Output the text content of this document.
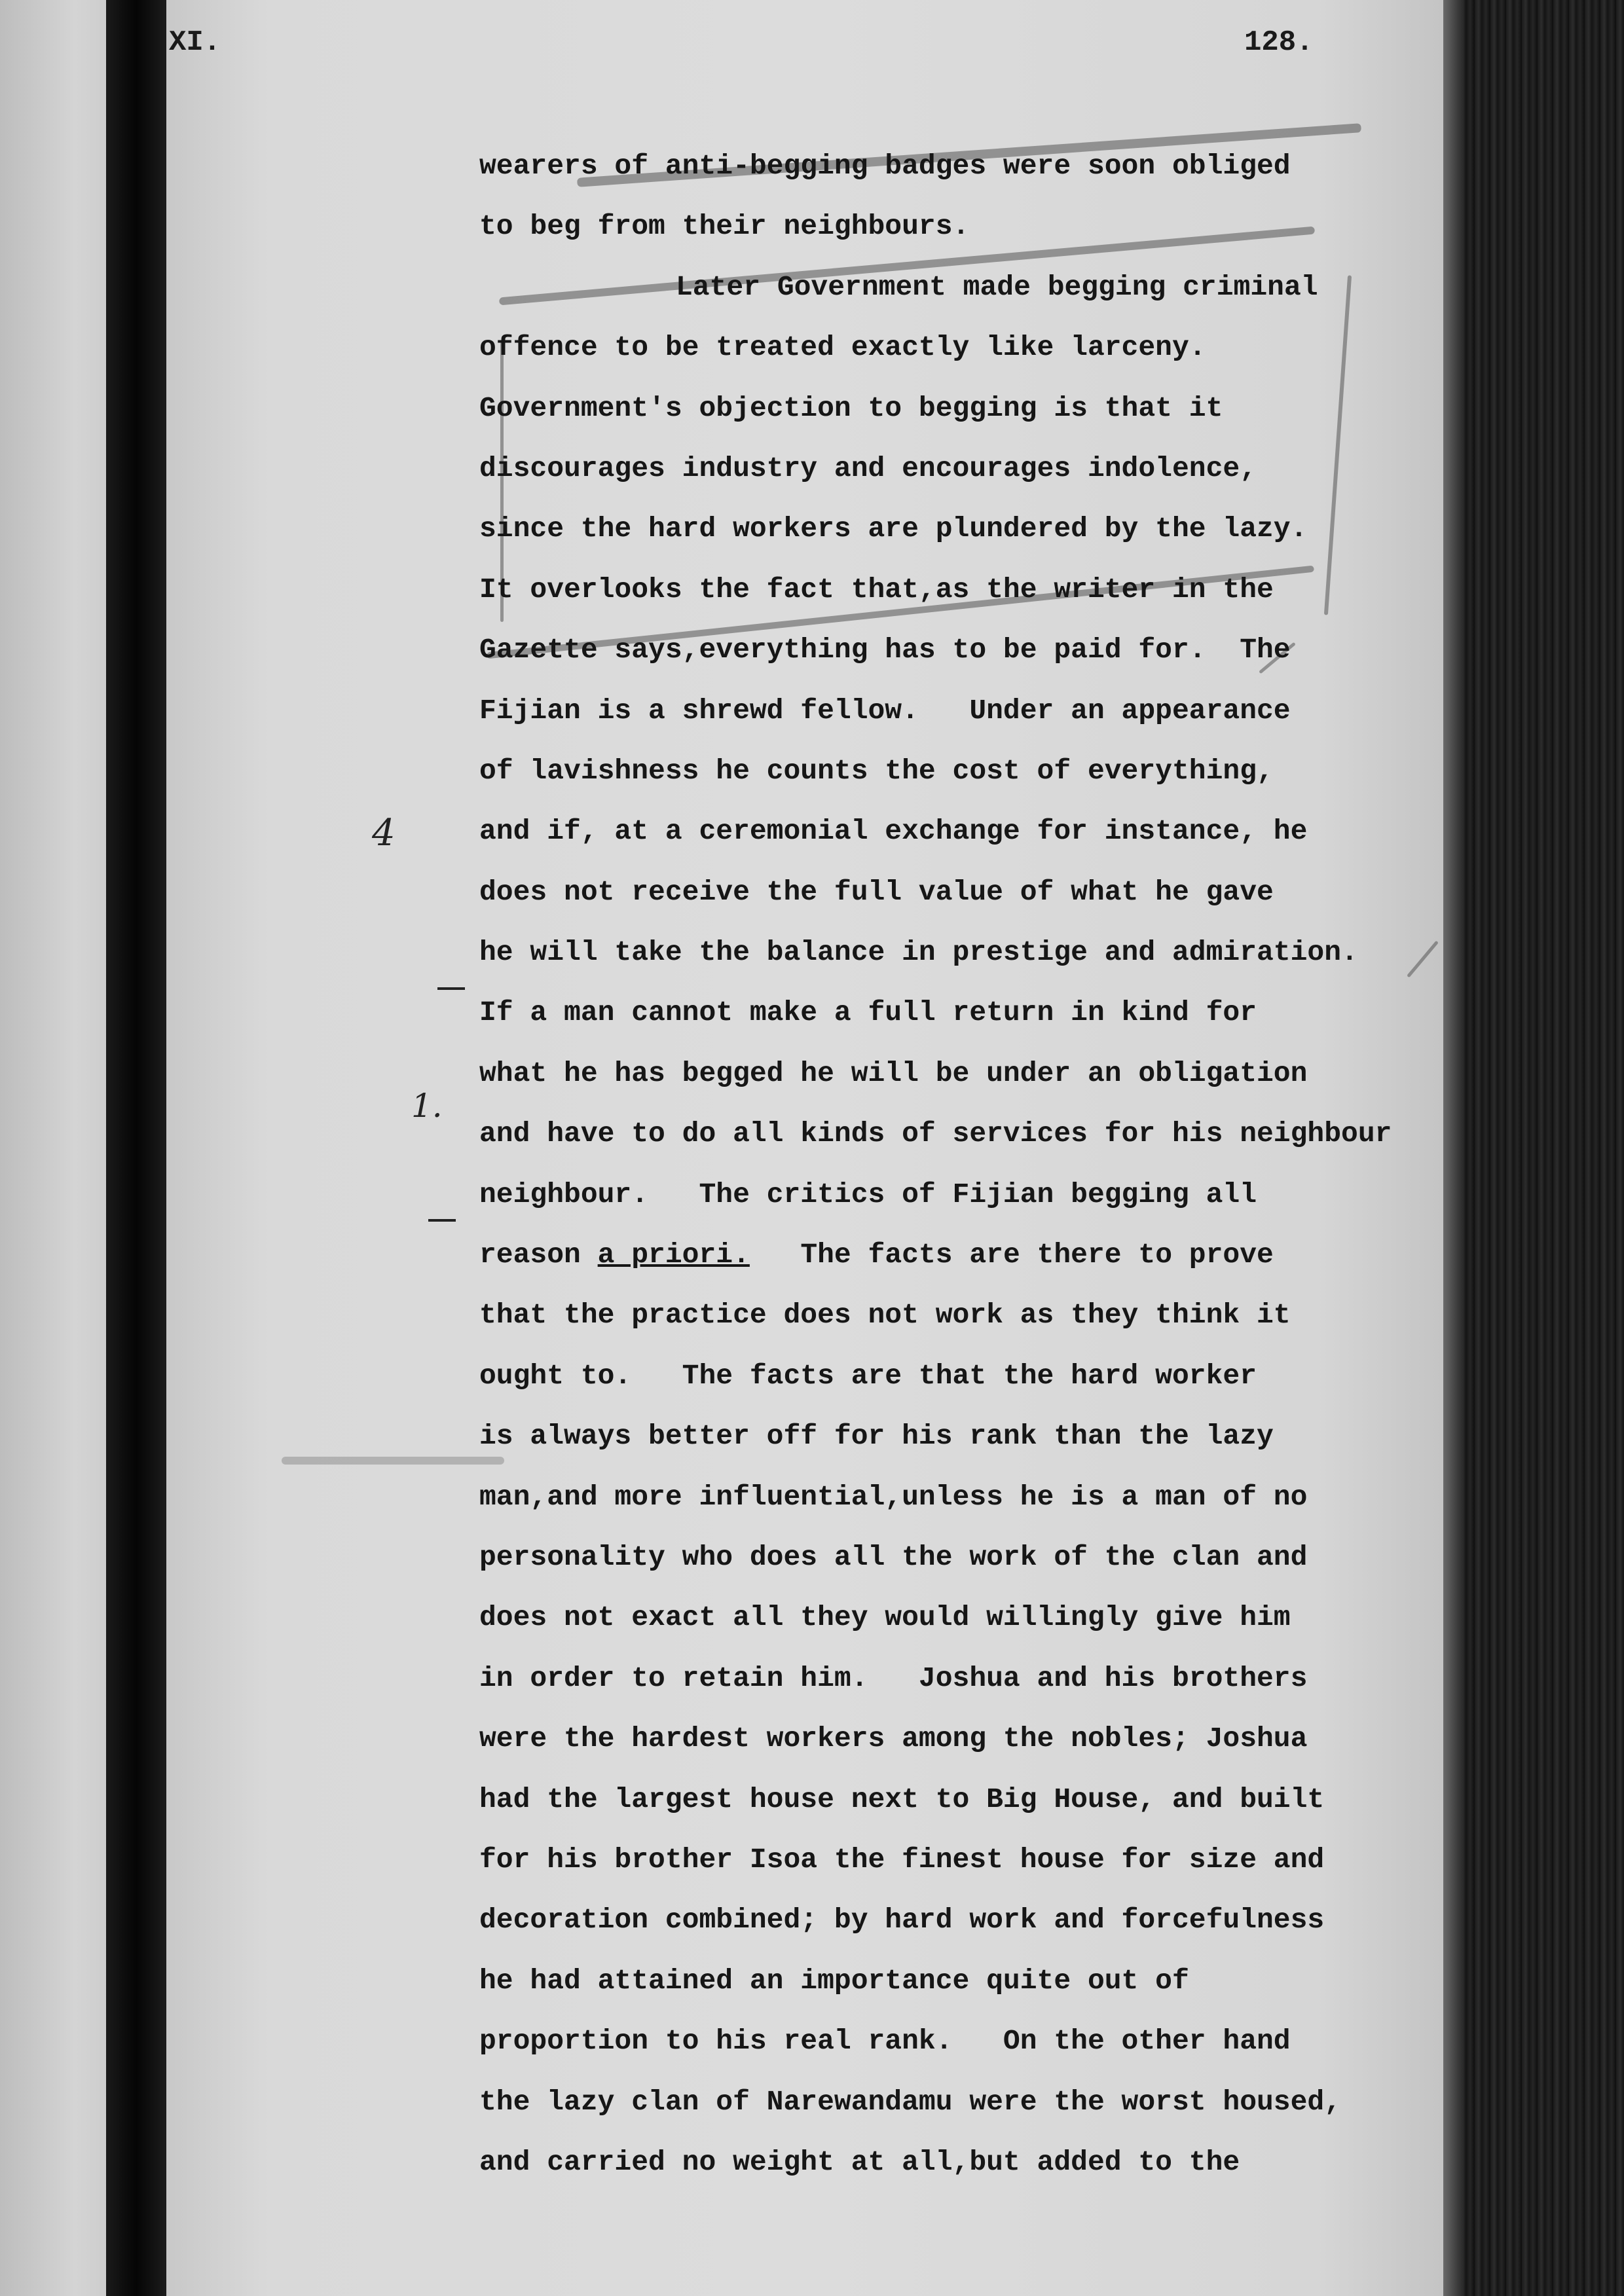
XI.	128.
4
1.
wearers of anti-begging badges were soon obliged
to beg from their neighbours.
Later Government made begging criminal
offence to be treated exactly like larceny.
Government's objection to begging is that it
discourages industry and encourages indolence,
since the hard workers are plundered by the lazy.
It overlooks the fact that,as the writer in the
Gazette says,everything has to be paid for.  The
Fijian is a shrewd fellow.   Under an appearance
of lavishness he counts the cost of everything,
and if, at a ceremonial exchange for instance, he
does not receive the full value of what he gave
he will take the balance in prestige and admiration.
If a man cannot make a full return in kind for
what he has begged he will be under an obligation
and have to do all kinds of services for his neighbour
neighbour.   The critics of Fijian begging all
reason a priori. The facts are there to prove
that the practice does not work as they think it
ought to.   The facts are that the hard worker
is always better off for his rank than the lazy
man,and more influential,unless he is a man of no
personality who does all the work of the clan and
does not exact all they would willingly give him
in order to retain him.   Joshua and his brothers
were the hardest workers among the nobles; Joshua
had the largest house next to Big House, and built
for his brother Isoa the finest house for size and
decoration combined; by hard work and forcefulness
he had attained an importance quite out of
proportion to his real rank.   On the other hand
the lazy clan of Narewandamu were the worst housed,
and carried no weight at all,but added to the
